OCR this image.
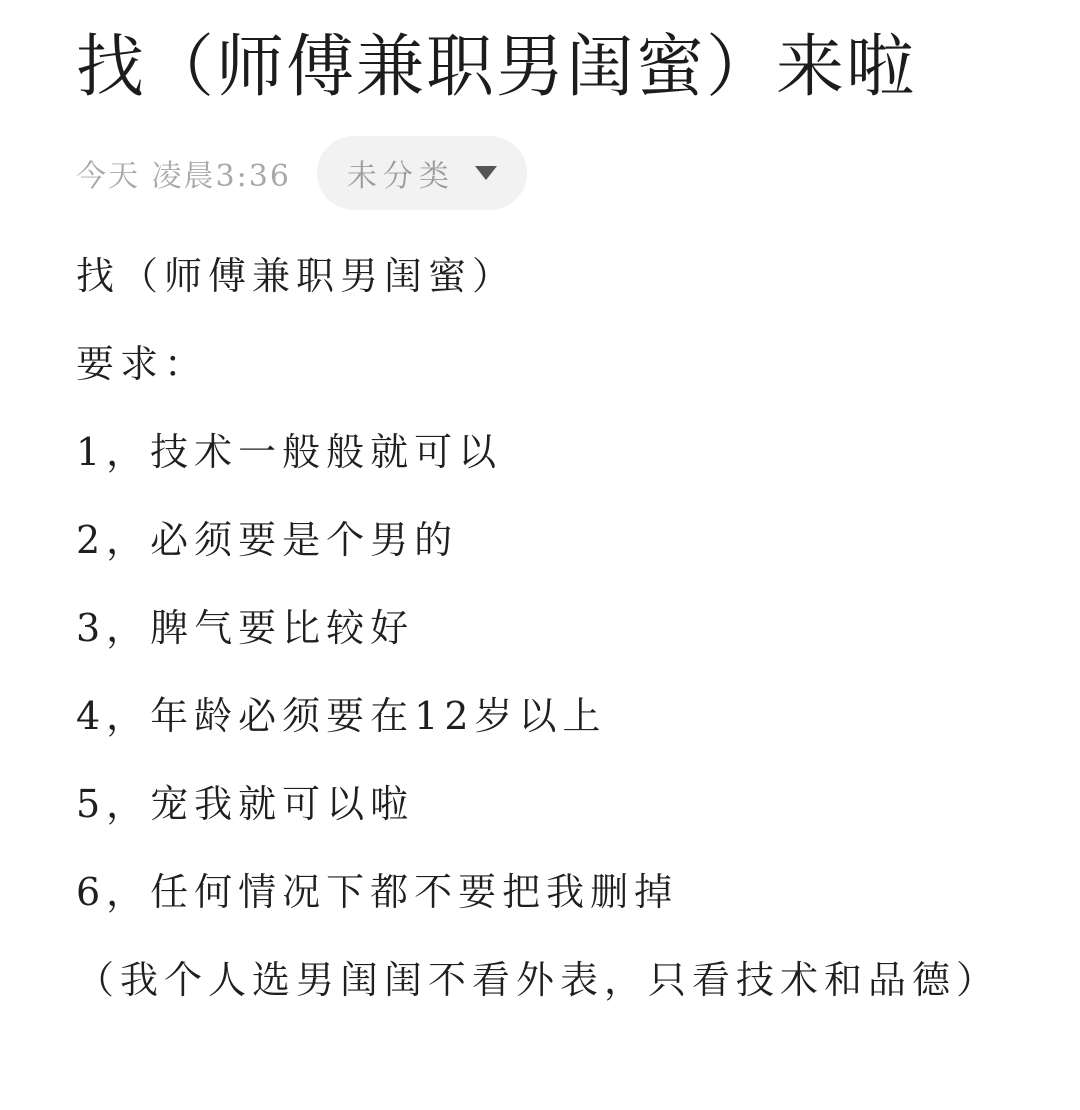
找（师傅兼职男闺蜜）来啦
今天 凌晨3:36 未分类
找（师傅兼职男闺蜜）
要求：
1，技术一般般就可以
2，必须要是个男的
3，脾气要比较好
4，年龄必须要在12岁以上
5，宠我就可以啦
6，任何情况下都不要把我删掉
（我个人选男闺闺不看外表，只看技术和品德）
